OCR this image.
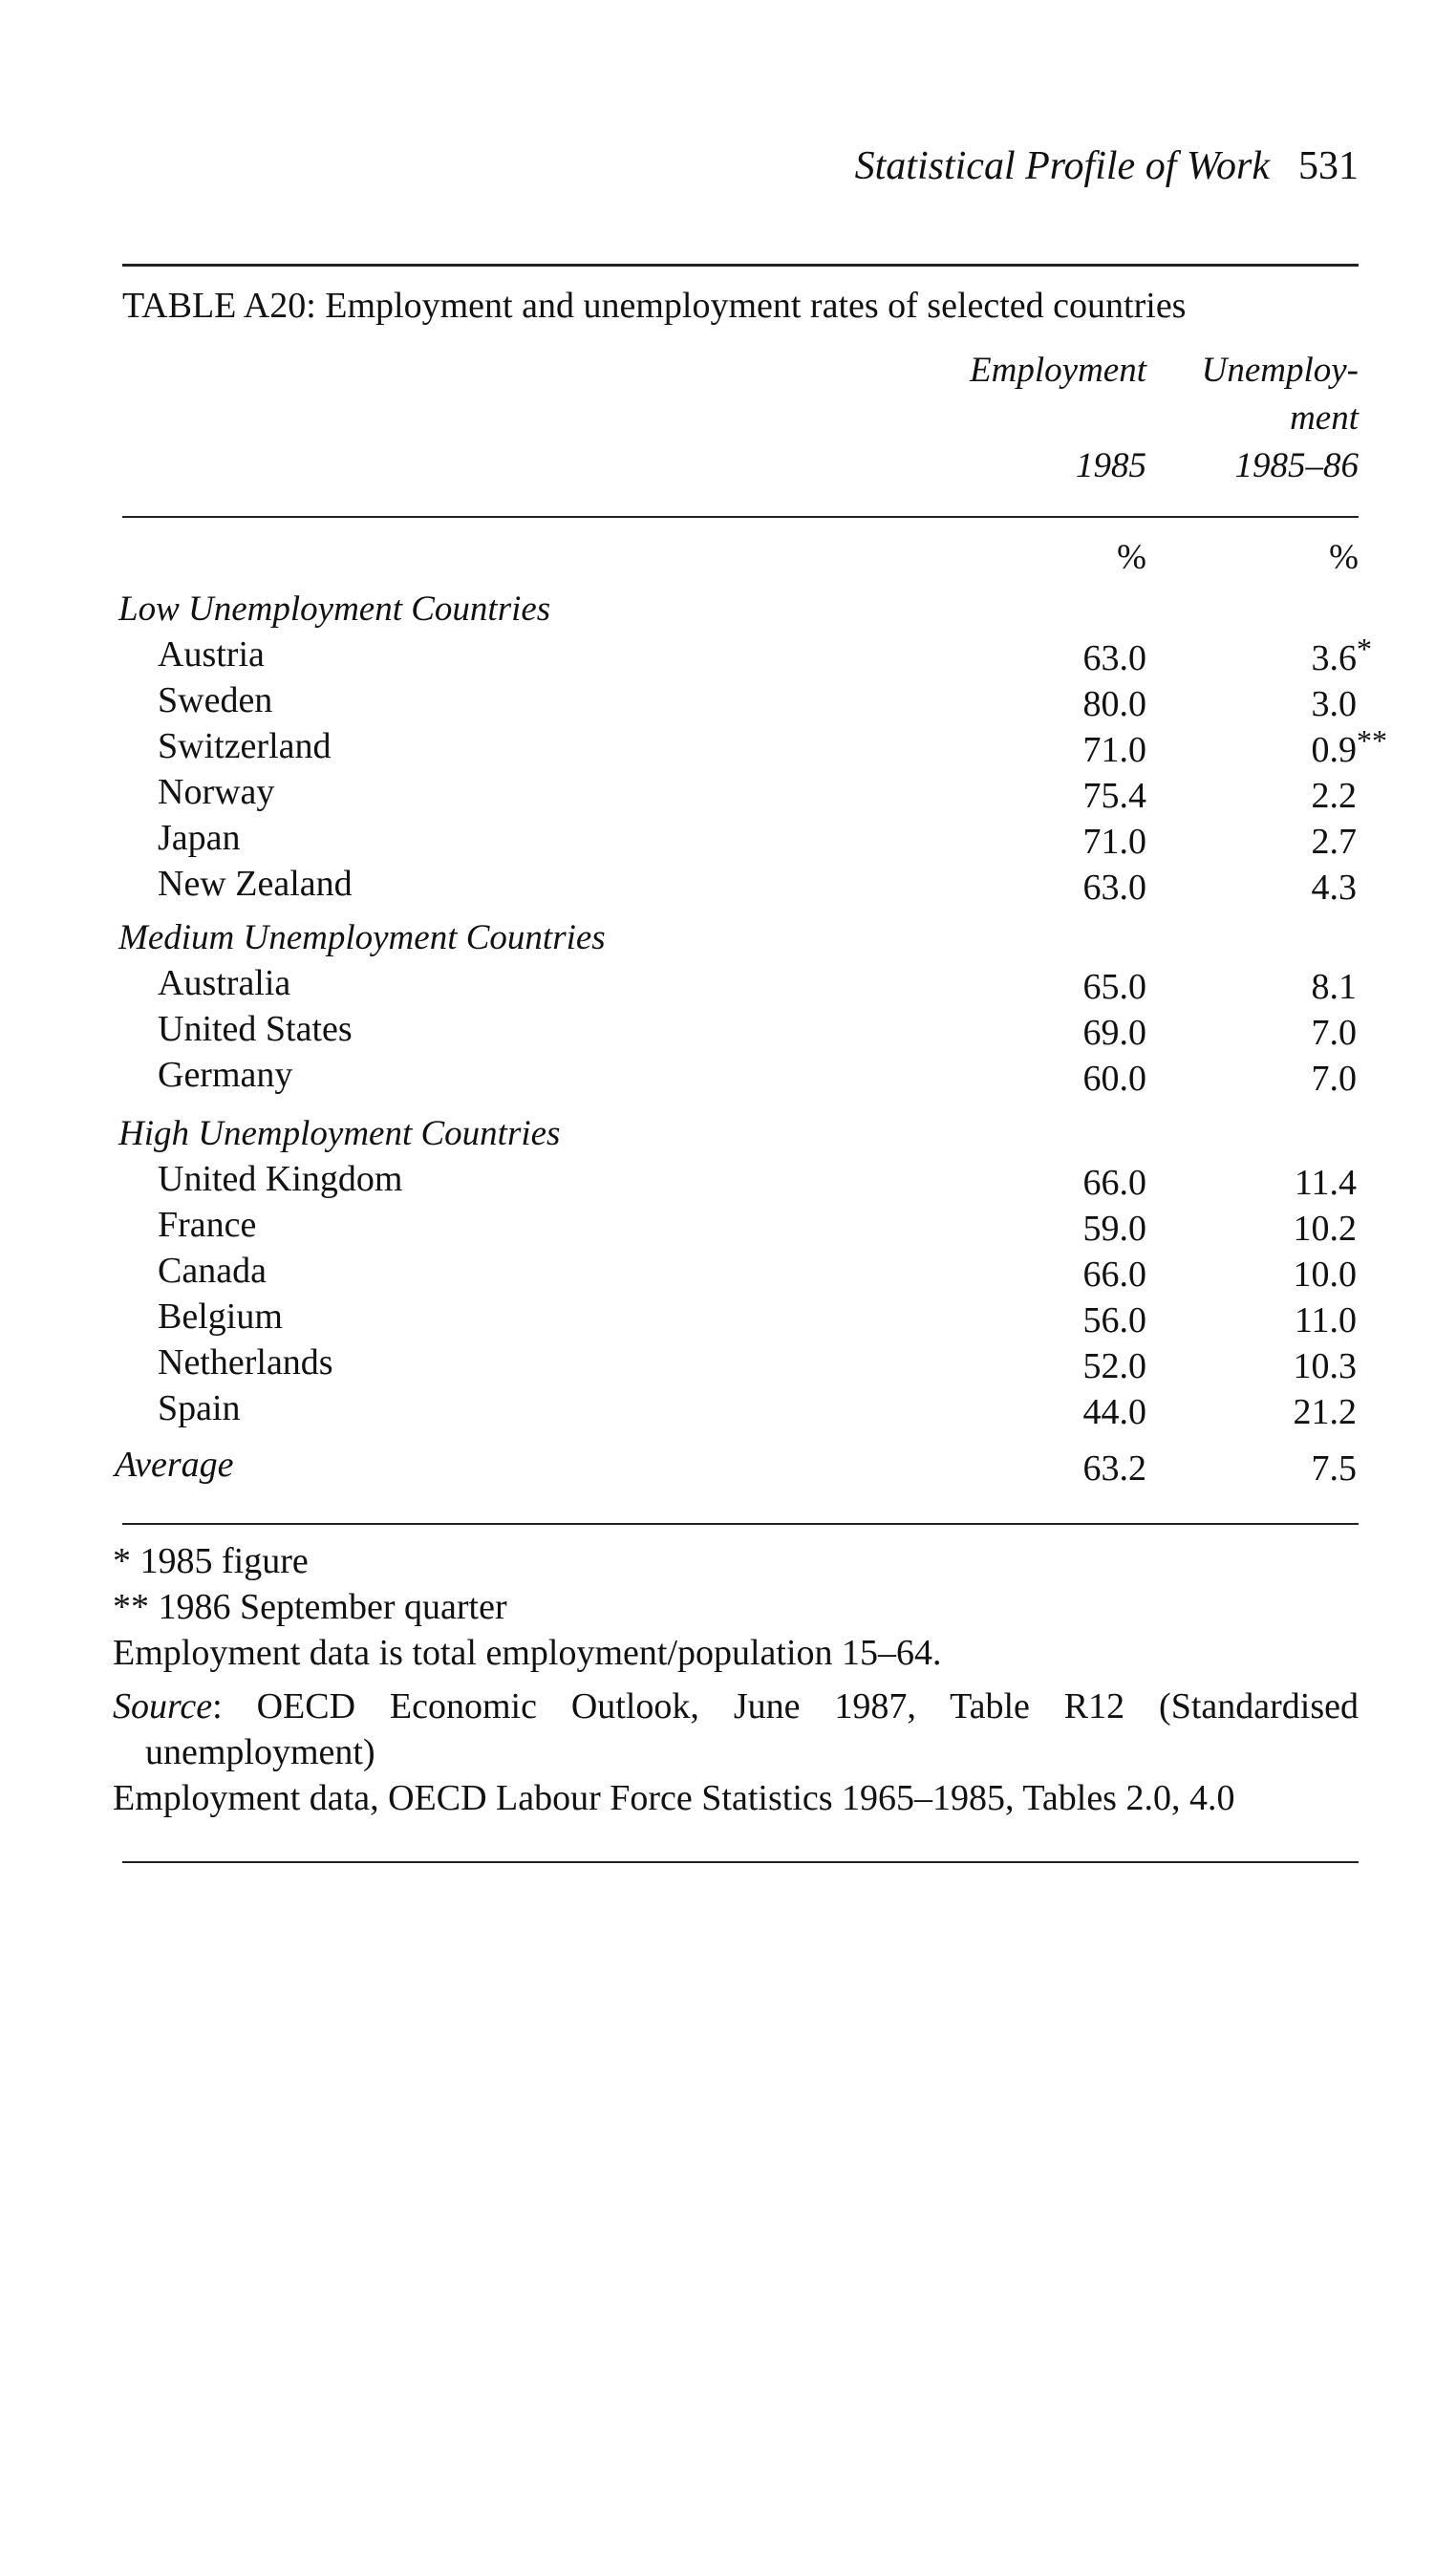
Statistical Profile of Work 531
TABLE A20: Employment and unemployment rates of selected countries
Employment	Unemploy-
ment
1985	1985–86
%	%
Low Unemployment Countries
Austria	63.0	3.6 *
Sweden	80.0	3.0
Switzerland	71.0	0.9 **
Norway	75.4	2.2
Japan	71.0	2.7
New Zealand	63.0	4.3
Medium Unemployment Countries
Australia	65.0	8.1
United States	69.0	7.0
Germany	60.0	7.0
High Unemployment Countries
United Kingdom	66.0	11.4
France	59.0	10.2
Canada	66.0	10.0
Belgium	56.0	11.0
Netherlands	52.0	10.3
Spain	44.0	21.2
Average	63.2	7.5
* 1985 figure
** 1986 September quarter
Employment data is total employment/population 15–64.
Source: OECD Economic Outlook, June 1987, Table R12 (Standardised
unemployment)
Employment data, OECD Labour Force Statistics 1965–1985, Tables 2.0, 4.0
